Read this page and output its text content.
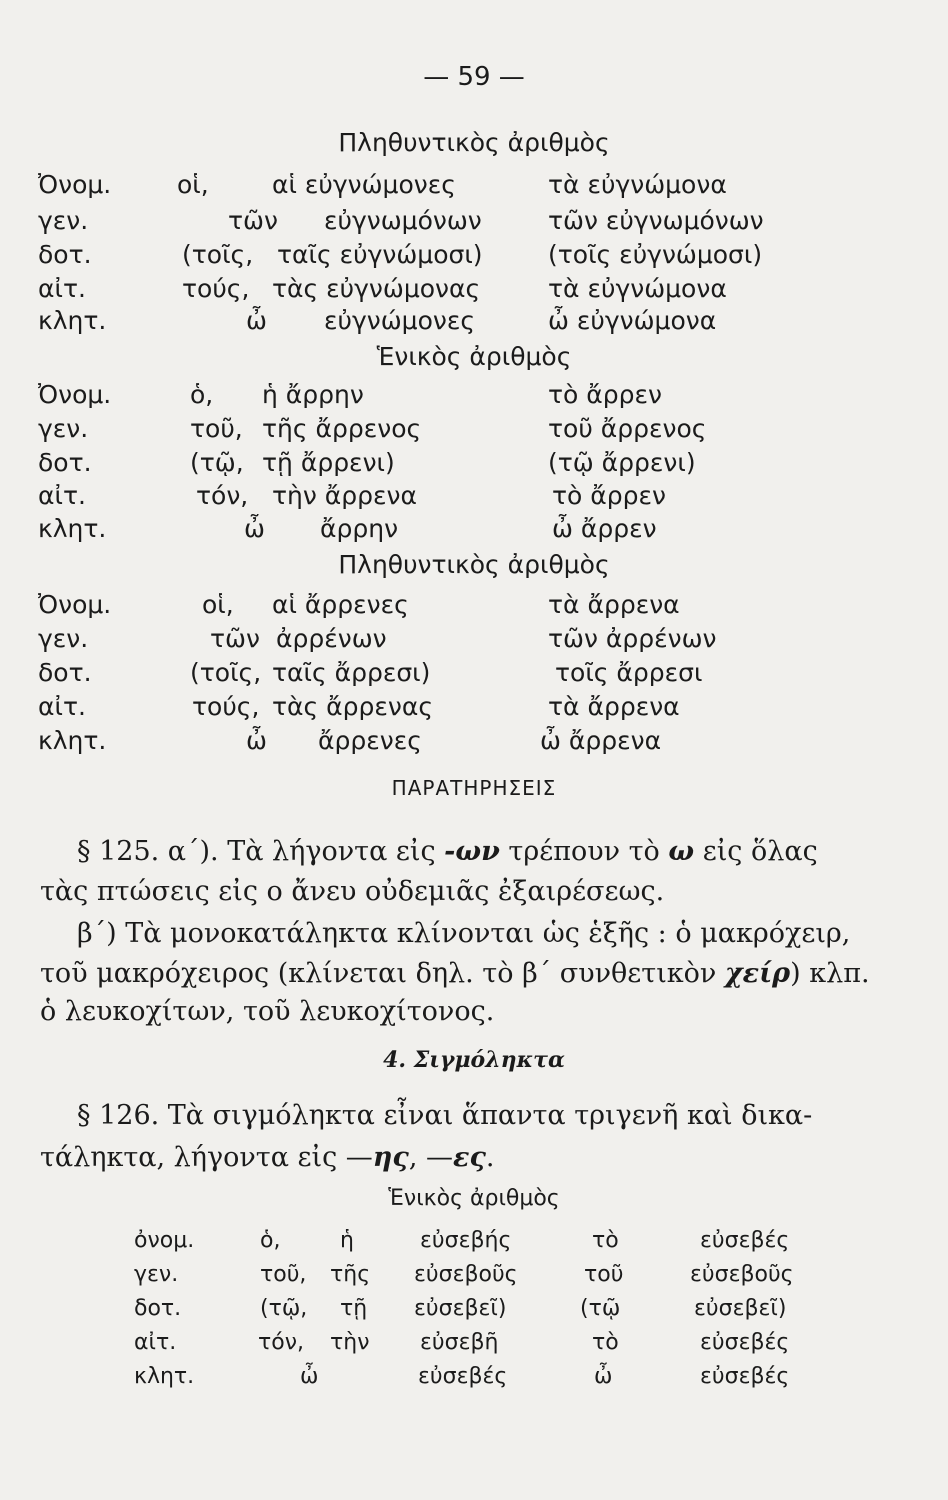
— 59 —
Πληθυντικὸς ἀριθμὸς
Ὀνομ.	οἱ,	αἱ εὐγνώμονες	τὰ εὐγνώμονα
γεν.	τῶν εὐγνωμόνων	τῶν εὐγνωμόνων
δοτ.	(τοῖς, ταῖς εὐγνώμοσι)	(τοῖς εὐγνώμοσι)
αἰτ.	τούς, τὰς εὐγνώμονας	τὰ εὐγνώμονα
κλητ.	ὦ εὐγνώμονες	ὦ εὐγνώμονα
Ἑνικὸς ἀριθμὸς
Ὀνομ.	ὁ, ἡ ἄρρην	τὸ ἄρρεν
γεν.	τοῦ, τῆς ἄρρενος	τοῦ ἄρρενος
δοτ.	(τῷ, τῇ ἄρρενι)	(τῷ ἄρρενι)
αἰτ.	τόν, τὴν ἄρρενα	τὸ ἄρρεν
κλητ.	ὦ ἄρρην	ὦ ἄρρεν
Πληθυντικὸς ἀριθμὸς
Ὀνομ.	οἱ, αἱ ἄρρενες	τὰ ἄρρενα
γεν.	τῶν ἀρρένων	τῶν ἀρρένων
δοτ.	(τοῖς, ταῖς ἄρρεσι)	τοῖς ἄρρεσι
αἰτ.	τούς, τὰς ἄρρενας	τὰ ἄρρενα
κλητ.	ὦ ἄρρενες	ὦ ἄρρενα
ΠΑΡΑΤΗΡΗΣΕΙΣ
§ 125. α΄). Τὰ λήγοντα εἰς -ων τρέπουν τὸ ω εἰς ὅλας
τὰς πτώσεις εἰς ο ἄνευ οὐδεμιᾶς ἐξαιρέσεως.
β΄) Τὰ μονοκατάληκτα κλίνονται ὡς ἑξῆς : ὁ μακρόχειρ,
τοῦ μακρόχειρος (κλίνεται δηλ. τὸ β΄ συνθετικὸν χείρ) κλπ.
ὁ λευκοχίτων, τοῦ λευκοχίτονος.
4. Σιγμόληκτα
§ 126. Τὰ σιγμόληκτα εἶναι ἅπαντα τριγενῆ καὶ δικα-
τάληκτα, λήγοντα εἰς —ης, —ες.
Ἑνικὸς ἀριθμὸς
ὀνομ.	ὁ,	ἡ	εὐσεβής	τὸ	εὐσεβές
γεν.	τοῦ, τῆς εὐσεβοῦς	τοῦ	εὐσεβοῦς
δοτ.	(τῷ, τῇ εὐσεβεῖ)	(τῷ	εὐσεβεῖ)
αἰτ.	τόν, τὴν εὐσεβῆ	τὸ	εὐσεβές
κλητ.	ὦ	εὐσεβές	ὦ	εὐσεβές
